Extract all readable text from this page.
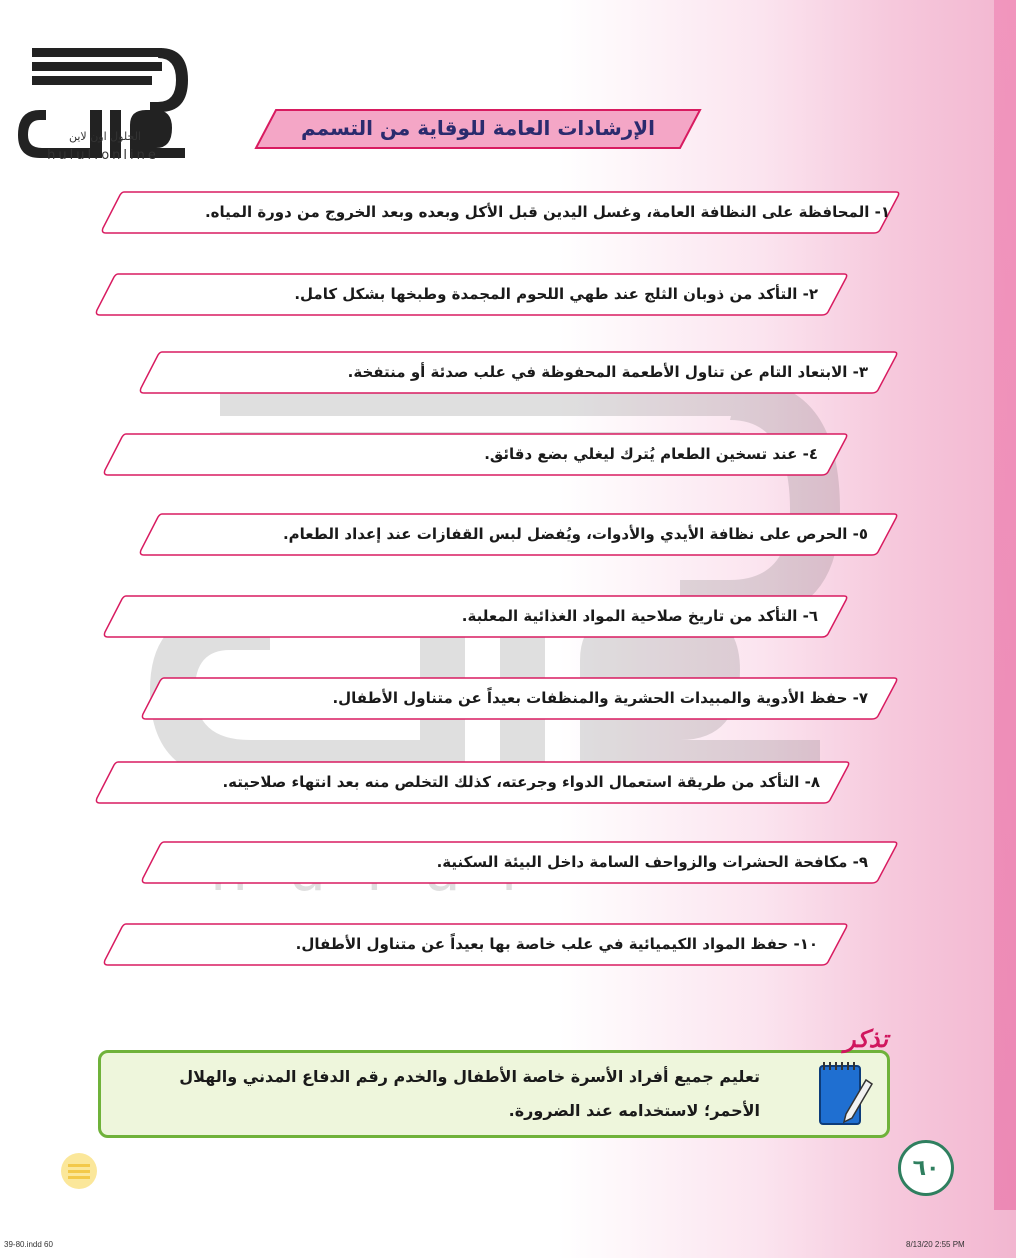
الحلول اون لاين
hulul.online
الإرشادات العامة للوقاية من التسمم
١- المحافظة على النظافة العامة، وغسل اليدين قبل الأكل وبعده وبعد الخروج من دورة المياه.
٢- التأكد من ذوبان الثلج عند طهي اللحوم المجمدة وطبخها بشكل كامل.
٣- الابتعاد التام عن تناول الأطعمة المحفوظة في علب صدئة أو منتفخة.
٤- عند تسخين الطعام يُترك ليغلي بضع دقائق.
٥- الحرص على نظافة الأيدي والأدوات، ويُفضل لبس القفازات عند إعداد الطعام.
٦- التأكد من تاريخ صلاحية المواد الغذائية المعلبة.
٧- حفظ الأدوية والمبيدات الحشرية والمنظفات بعيداً عن متناول الأطفال.
٨- التأكد من طريقة استعمال الدواء وجرعته، كذلك التخلص منه بعد انتهاء صلاحيته.
٩- مكافحة الحشرات والزواحف السامة داخل البيئة السكنية.
١٠- حفظ المواد الكيميائية في علب خاصة بها بعيداً عن متناول الأطفال.
تذكر
تعليم جميع أفراد الأسرة خاصة الأطفال والخدم رقم الدفاع المدني والهلال
الأحمر؛ لاستخدامه عند الضرورة.
٦٠
39-80.indd 60	8/13/20 2:55 PM
